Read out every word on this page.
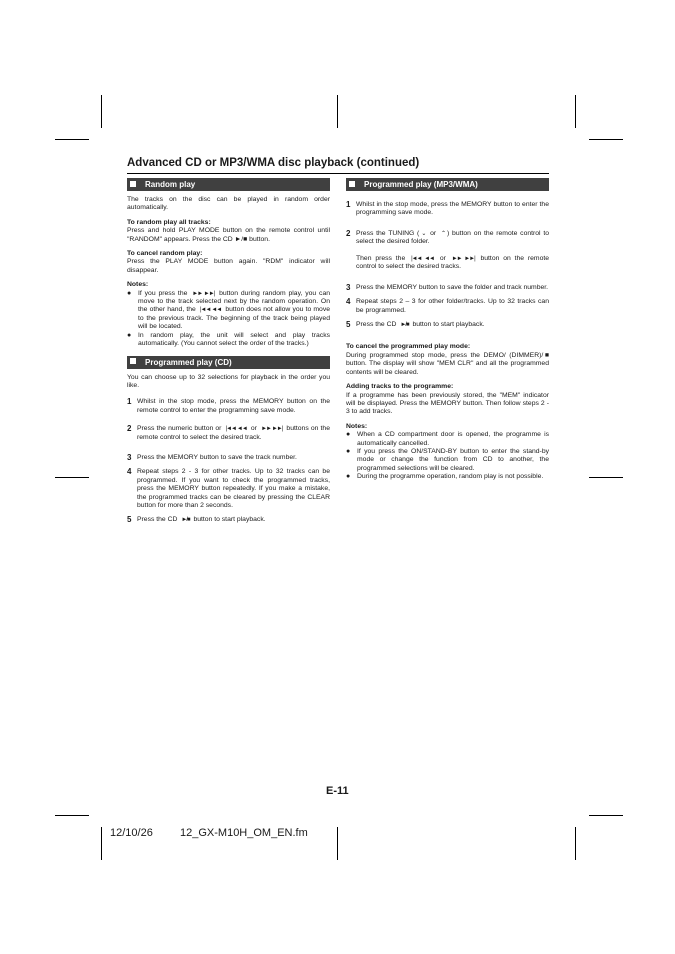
Advanced CD or MP3/WMA disc playback (continued)
Random play

The tracks on the disc can be played in random order automatically.

To random play all tracks:

Press and hold PLAY MODE button on the remote control until "RANDOM" appears. Press the CD ►/■ button.

To cancel random play:

Press the PLAY MODE button again. "RDM" indicator will disappear.

Notes:

● If you press the ►► ►►| button during random play, you can move to the track selected next by the random operation. On the other hand, the |◄◄ ◄◄ button does not allow you to move to the previous track. The beginning of the track being played will be located.
● In random play, the unit will select and play tracks automatically. (You cannot select the order of the tracks.)
Programmed play (CD)

You can choose up to 32 selections for playback in the order you like.

1 Whilst in the stop mode, press the MEMORY button on the remote control to enter the programming save mode.
2 Press the numeric button or |◄◄ ◄◄ or ►► ►►| buttons on the remote control to select the desired track.
3 Press the MEMORY button to save the track number.
4 Repeat steps 2 - 3 for other tracks. Up to 32 tracks can be programmed. If you want to check the programmed tracks, press the MEMORY button repeatedly. If you make a mistake, the programmed tracks can be cleared by pressing the CLEAR button for more than 2 seconds.
5 Press the CD ►/■ button to start playback.
Programmed play (MP3/WMA)
1 Whilst in the stop mode, press the MEMORY button to enter the programming save mode.
2 Press the TUNING ( ⌄ or ⌃ ) button on the remote control to select the desired folder.

Then press the |◄◄ ◄◄ or ►► ►►| button on the remote control to select the desired tracks.
3 Press the MEMORY button to save the folder and track number.
4 Repeat steps 2 – 3 for other folder/tracks. Up to 32 tracks can be programmed.
5 Press the CD ►/■ button to start playback.

To cancel the programmed play mode:

During programmed stop mode, press the DEMO/ (DIMMER)/■ button. The display will show "MEM CLR" and all the programmed contents will be cleared.

Adding tracks to the programme:

If a programme has been previously stored, the "MEM" indicator will be displayed. Press the MEMORY button. Then follow steps 2 - 3 to add tracks.

Notes:

● When a CD compartment door is opened, the programme is automatically cancelled.
● If you press the ON/STAND-BY button to enter the stand-by mode or change the function from CD to another, the programmed selections will be cleared.
● During the programme operation, random play is not possible.
E-11
12/10/26 12_GX-M10H_OM_EN.fm
